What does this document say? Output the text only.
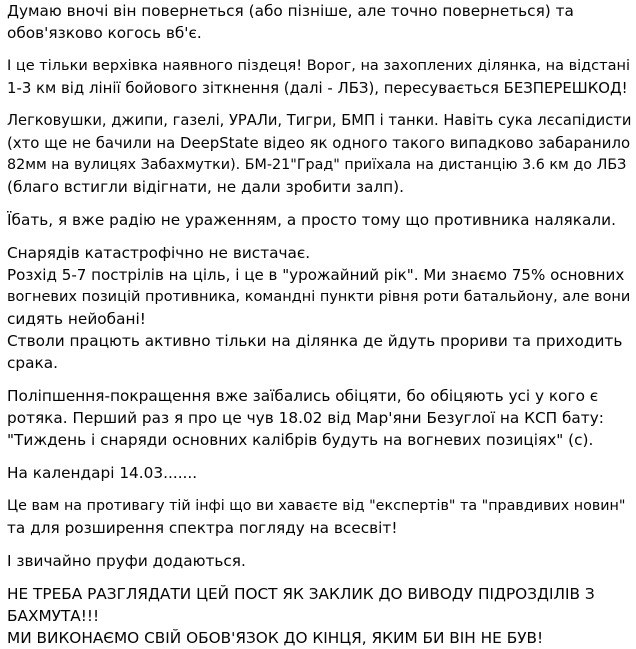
Думаю вночі він повернеться (або пізніше, але точно повернеться) та
обов'язково когось вб'є.
І це тільки верхівка наявного піздеця! Ворог, на захоплених ділянка, на відстані
1-3 км від лінії бойового зіткнення (далі - ЛБЗ), пересувається БЕЗПЕРЕШКОД!
Легковушки, джипи, газелі, УРАЛи, Тигри, БМП і танки. Навіть сука лєсапідисти
(хто ще не бачили на DeepState відео як одного такого випадково забаранило
82мм на вулицях Забахмутки). БМ-21"Град" приїхала на дистанцію 3.6 км до ЛБЗ
(благо встигли відігнати, не дали зробити залп).
Їбать, я вже радію не ураженням, а просто тому що противника налякали.
Снарядів катастрофічно не вистачає.
Розхід 5-7 пострілів на ціль, і це в "урожайний рік". Ми знаємо 75% основних
вогневих позицій противника, командні пункти рівня роти батальйону, але вони
сидять нейобані!
Стволи працють активно тільки на ділянка де йдуть прориви та приходить
срака.
Поліпшення-покращення вже заїбались обіцяти, бо обіцяють усі у кого є
ротяка. Перший раз я про це чув 18.02 від Мар'яни Безуглої на КСП бату:
"Тиждень і снаряди основних калібрів будуть на вогневих позиціях" (с).
На календарі 14.03.......
Це вам на противагу тій інфі що ви хаваєте від "експертів" та "правдивих новин"
та для розширення спектра погляду на всесвіт!
І звичайно пруфи додаються.
НЕ ТРЕБА РАЗГЛЯДАТИ ЦЕЙ ПОСТ ЯК ЗАКЛИК ДО ВИВОДУ ПІДРОЗДІЛІВ З
БАХМУТА!!!
МИ ВИКОНАЄМО СВІЙ ОБОВ'ЯЗОК ДО КІНЦЯ, ЯКИМ БИ ВІН НЕ БУВ!
